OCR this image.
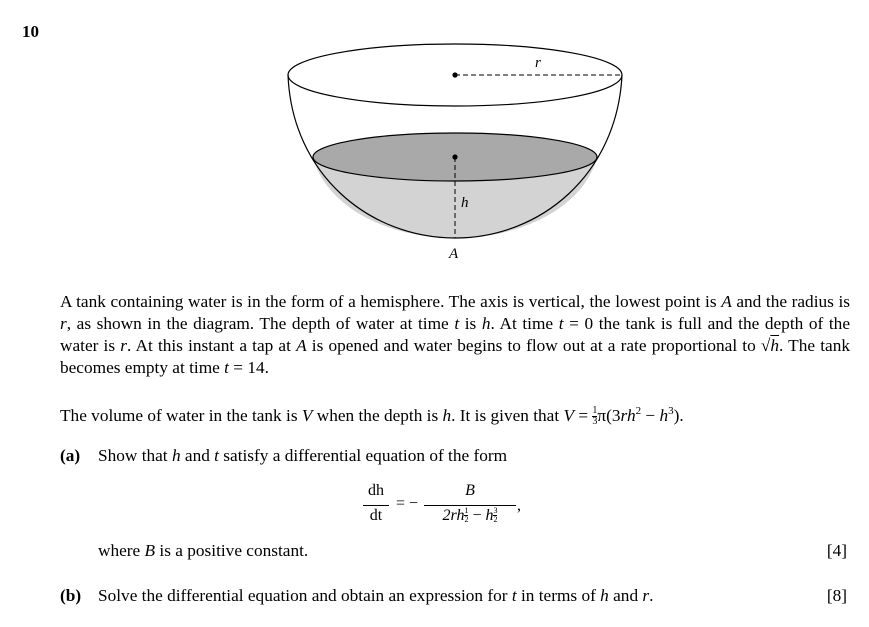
10
r
h
A
A tank containing water is in the form of a hemisphere. The axis is vertical, the lowest point is A and the radius is r, as shown in the diagram. The depth of water at time t is h. At time t = 0 the tank is full and the depth of the water is r. At this instant a tap at A is opened and water begins to flow out at a rate proportional to √h. The tank becomes empty at time t = 14.
The volume of water in the tank is V when the depth is h. It is given that $V = \frac{1}{3} \pi(3rh^2 - h^3)$.
(a) Show that h and t satisfy a differential equation of the form
dh
dt
= −
B
$2rh \frac{1}{2} - h \frac{3}{2}$
,
where B is a positive constant.	[4]
(b) Solve the differential equation and obtain an expression for t in terms of h and r.	[8]
